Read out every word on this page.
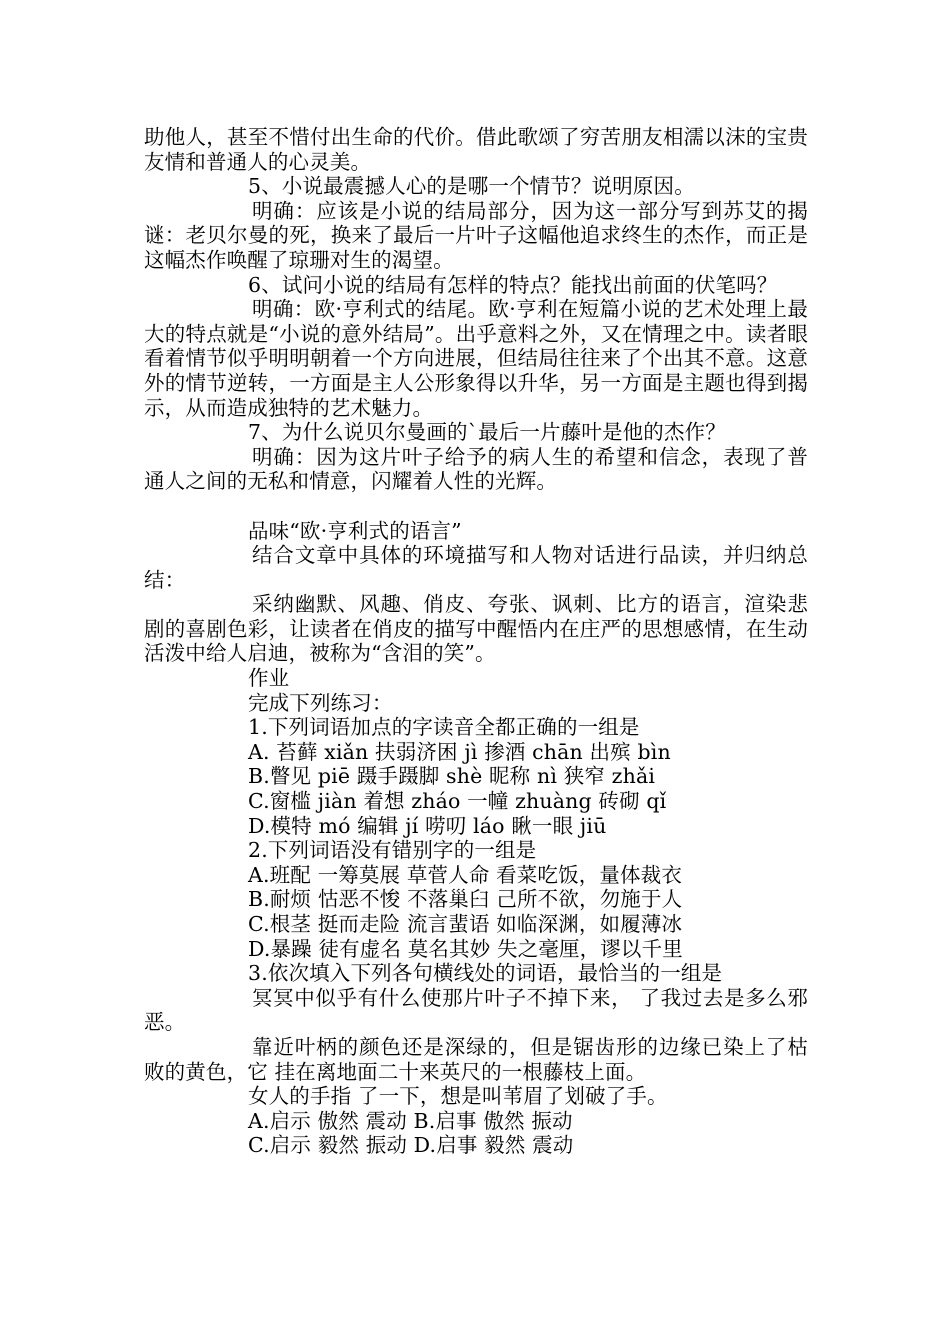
助他人，甚至不惜付出生命的代价。借此歌颂了穷苦朋友相濡以沫的宝贵友情和普通人的心灵美。

5、小说最震撼人心的是哪一个情节？说明原因。

明确：应该是小说的结局部分，因为这一部分写到苏艾的揭谜：老贝尔曼的死，换来了最后一片叶子这幅他追求终生的杰作，而正是这幅杰作唤醒了琼珊对生的渴望。

6、试问小说的结局有怎样的特点？能找出前面的伏笔吗？

明确：欧·亨利式的结尾。欧·亨利在短篇小说的艺术处理上最大的特点就是“小说的意外结局”。出乎意料之外，又在情理之中。读者眼看着情节似乎明明朝着一个方向进展，但结局往往来了个出其不意。这意外的情节逆转，一方面是主人公形象得以升华，另一方面是主题也得到揭示，从而造成独特的艺术魅力。

7、为什么说贝尔曼画的`最后一片藤叶是他的杰作？

明确：因为这片叶子给予的病人生的希望和信念，表现了普通人之间的无私和情意，闪耀着人性的光辉。

品味“欧·亨利式的语言”

结合文章中具体的环境描写和人物对话进行品读，并归纳总结：

采纳幽默、风趣、俏皮、夸张、讽刺、比方的语言，渲染悲剧的喜剧色彩，让读者在俏皮的描写中醒悟内在庄严的思想感情，在生动活泼中给人启迪，被称为“含泪的笑”。

作业

完成下列练习：

1.下列词语加点的字读音全都正确的一组是

A. 苔藓 xiǎn 扶弱济困 jì 掺酒 chān 出殡 bìn

B.瞥见 piē 蹑手蹑脚 shè 昵称 nì 狭窄 zhǎi

C.窗槛 jiàn 着想 zháo 一幢 zhuàng 砖砌 qǐ

D.模特 mó 编辑 jí 唠叨 láo 瞅一眼 jiū

2.下列词语没有错别字的一组是

A.班配 一筹莫展 草菅人命 看菜吃饭，量体裁衣

B.耐烦 怙恶不悛 不落巢臼 己所不欲，勿施于人

C.根茎 挺而走险 流言蜚语 如临深渊，如履薄冰

D.暴躁 徒有虚名 莫名其妙 失之毫厘，谬以千里

3.依次填入下列各句横线处的词语，最恰当的一组是

冥冥中似乎有什么使那片叶子不掉下来， 了我过去是多么邪恶。

靠近叶柄的颜色还是深绿的，但是锯齿形的边缘已染上了枯败的黄色，它 挂在离地面二十来英尺的一根藤枝上面。

女人的手指 了一下，想是叫苇眉了划破了手。

A.启示 傲然 震动 B.启事 傲然 振动

C.启示 毅然 振动 D.启事 毅然 震动
